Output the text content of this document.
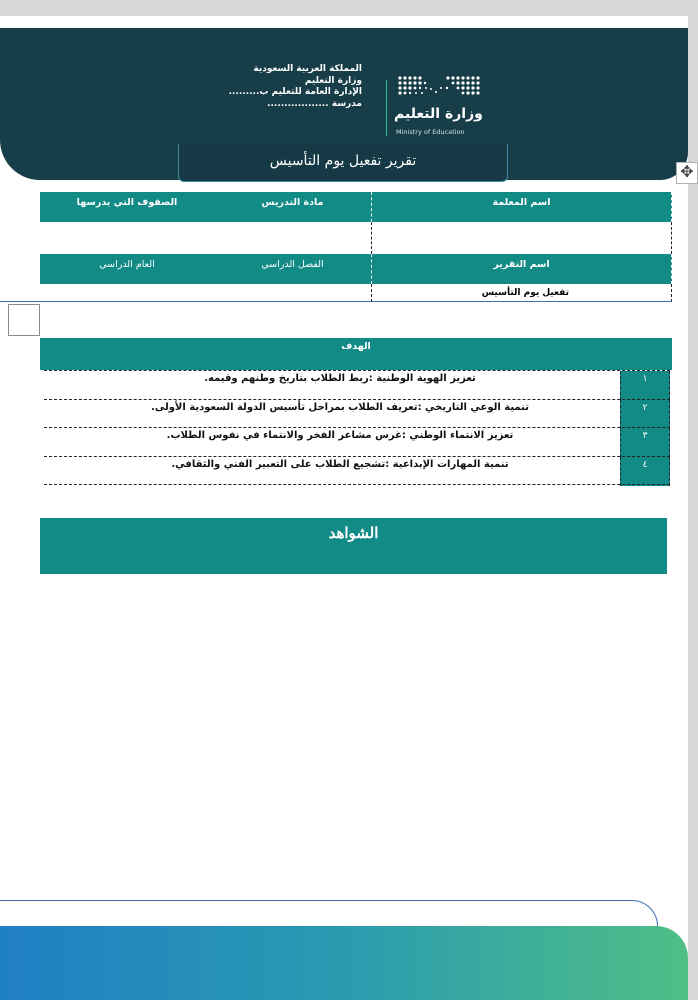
المملكة العربية السعودية
وزارة التعليم
الإدارة العامة للتعليم ب.........
مدرسة ..................
وزارة التعليم
Ministry of Education
تقرير تفعيل يوم التأسيس
اسم المعلمة
مادة التدريس
الصفوف التي يدرسها
اسم التقرير
الفصل الدراسي
العام الدراسي
تفعيل يوم التأسيس
الهدف
١
تعزيز الهوية الوطنية :ربط الطلاب بتاريخ وطنهم وقيمه.
٢
تنمية الوعي التاريخي :تعريف الطلاب بمراحل تأسيس الدولة السعودية الأولى.
٣
تعزيز الانتماء الوطني :غرس مشاعر الفخر والانتماء في نفوس الطلاب.
٤
تنمية المهارات الإبداعية :تشجيع الطلاب على التعبير الفني والثقافي.
الشواهد
✥
